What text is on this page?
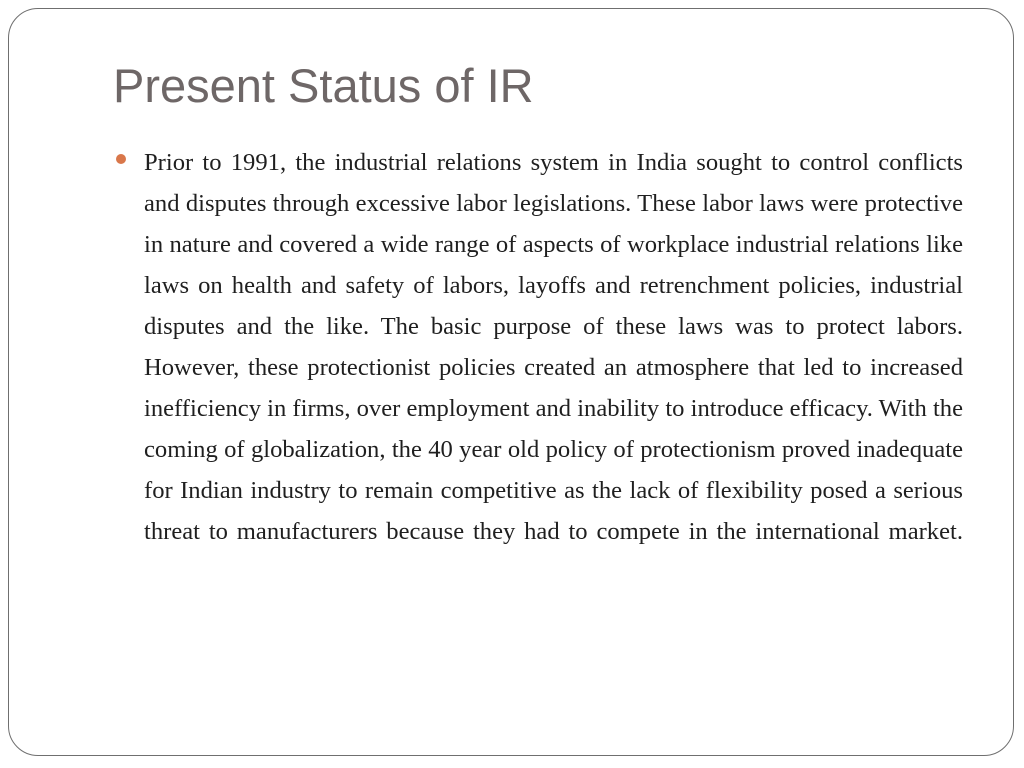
Present Status of IR
Prior to 1991, the industrial relations system in India sought to control conflicts and disputes through excessive labor legislations. These labor laws were protective in nature and covered a wide range of aspects of workplace industrial relations like laws on health and safety of labors, layoffs and retrenchment policies, industrial disputes and the like. The basic purpose of these laws was to protect labors. However, these protectionist policies created an atmosphere that led to increased inefficiency in firms, over employment and inability to introduce efficacy. With the coming of globalization, the 40 year old policy of protectionism proved inadequate for Indian industry to remain competitive as the lack of flexibility posed a serious threat to manufacturers because they had to compete in the international market.
